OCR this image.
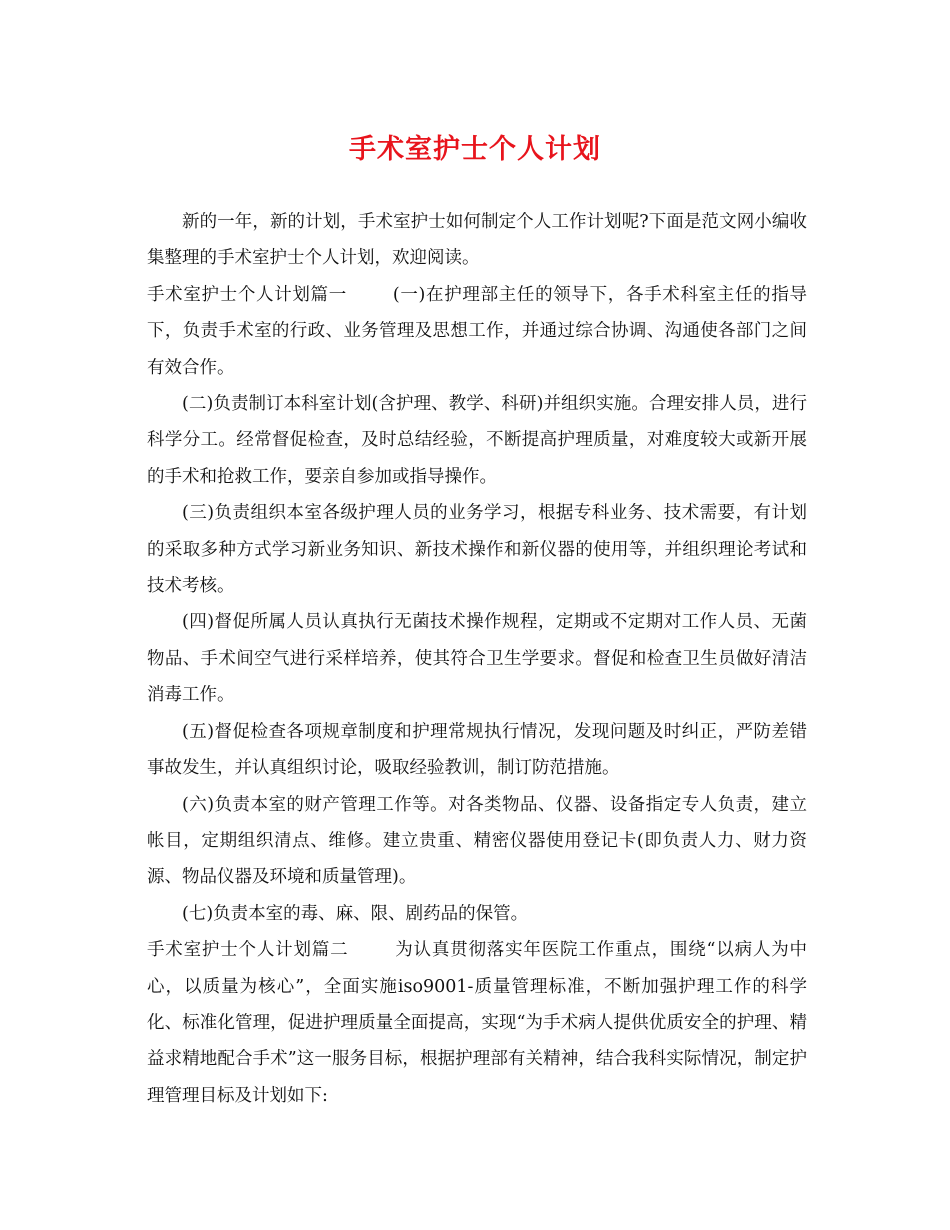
手术室护士个人计划

新的一年，新的计划，手术室护士如何制定个人工作计划呢?下面是范文网小编收集整理的手术室护士个人计划，欢迎阅读。

手术室护士个人计划篇一	(一)在护理部主任的领导下，各手术科室主任的指导下，负责手术室的行政、业务管理及思想工作，并通过综合协调、沟通使各部门之间有效合作。

(二)负责制订本科室计划(含护理、教学、科研)并组织实施。合理安排人员，进行科学分工。经常督促检查，及时总结经验，不断提高护理质量，对难度较大或新开展的手术和抢救工作，要亲自参加或指导操作。

(三)负责组织本室各级护理人员的业务学习，根据专科业务、技术需要，有计划的采取多种方式学习新业务知识、新技术操作和新仪器的使用等，并组织理论考试和技术考核。

(四)督促所属人员认真执行无菌技术操作规程，定期或不定期对工作人员、无菌物品、手术间空气进行采样培养，使其符合卫生学要求。督促和检查卫生员做好清洁消毒工作。

(五)督促检查各项规章制度和护理常规执行情况，发现问题及时纠正，严防差错事故发生，并认真组织讨论，吸取经验教训，制订防范措施。

(六)负责本室的财产管理工作等。对各类物品、仪器、设备指定专人负责，建立帐目，定期组织清点、维修。建立贵重、精密仪器使用登记卡(即负责人力、财力资源、物品仪器及环境和质量管理)。

(七)负责本室的毒、麻、限、剧药品的保管。

手术室护士个人计划篇二	为认真贯彻落实年医院工作重点，围绕“以病人为中心，以质量为核心”，全面实施iso9001-质量管理标准，不断加强护理工作的科学化、标准化管理，促进护理质量全面提高，实现“为手术病人提供优质安全的护理、精益求精地配合手术”这一服务目标，根据护理部有关精神，结合我科实际情况，制定护理管理目标及计划如下:
